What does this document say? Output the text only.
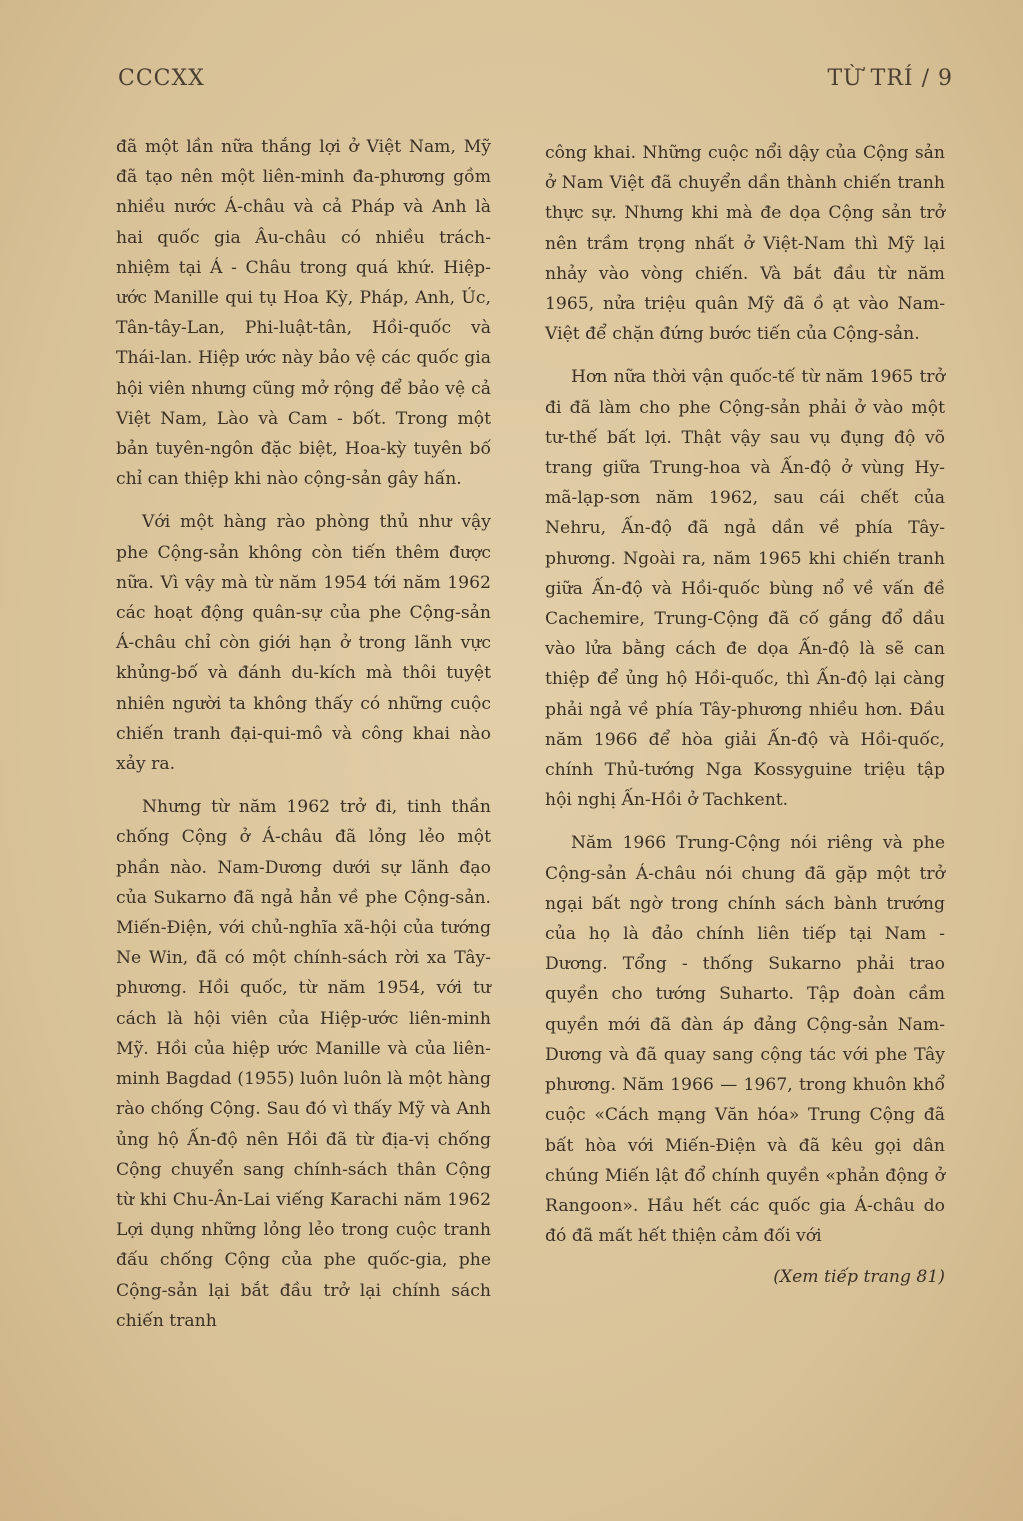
CCCXX	TỪ TRÍ / 9

đã một lần nữa thắng lợi ở Việt Nam, Mỹ đã tạo nên một liên-minh đa-phương gồm nhiều nước Á-châu và cả Pháp và Anh là hai quốc gia Âu-châu có nhiều trách-nhiệm tại Á - Châu trong quá khứ. Hiệp-ước Manille qui tụ Hoa Kỳ, Pháp, Anh, Úc, Tân-tây-Lan, Phi-luật-tân, Hồi-quốc và Thái-lan. Hiệp ước này bảo vệ các quốc gia hội viên nhưng cũng mở rộng để bảo vệ cả Việt Nam, Lào và Cam - bốt. Trong một bản tuyên-ngôn đặc biệt, Hoa-kỳ tuyên bố chỉ can thiệp khi nào cộng-sản gây hấn.

Với một hàng rào phòng thủ như vậy phe Cộng-sản không còn tiến thêm được nữa. Vì vậy mà từ năm 1954 tới năm 1962 các hoạt động quân-sự của phe Cộng-sản Á-châu chỉ còn giới hạn ở trong lãnh vực khủng-bố và đánh du-kích mà thôi tuyệt nhiên người ta không thấy có những cuộc chiến tranh đại-qui-mô và công khai nào xảy ra.

Nhưng từ năm 1962 trở đi, tinh thần chống Cộng ở Á-châu đã lỏng lẻo một phần nào. Nam-Dương dưới sự lãnh đạo của Sukarno đã ngả hẳn về phe Cộng-sản. Miến-Điện, với chủ-nghĩa xã-hội của tướng Ne Win, đã có một chính-sách rời xa Tây-phương. Hồi quốc, từ năm 1954, với tư cách là hội viên của Hiệp-ước liên-minh Mỹ. Hồi của hiệp ước Manille và của liên-minh Bagdad (1955) luôn luôn là một hàng rào chống Cộng. Sau đó vì thấy Mỹ và Anh ủng hộ Ấn-độ nên Hồi đã từ địa-vị chống Cộng chuyển sang chính-sách thân Cộng từ khi Chu-Ân-Lai viếng Karachi năm 1962 Lợi dụng những lỏng lẻo trong cuộc tranh đấu chống Cộng của phe quốc-gia, phe Cộng-sản lại bắt đầu trở lại chính sách chiến tranh

công khai. Những cuộc nổi dậy của Cộng sản ở Nam Việt đã chuyển dần thành chiến tranh thực sự. Nhưng khi mà đe dọa Cộng sản trở nên trầm trọng nhất ở Việt-Nam thì Mỹ lại nhảy vào vòng chiến. Và bắt đầu từ năm 1965, nửa triệu quân Mỹ đã ồ ạt vào Nam-Việt để chặn đứng bước tiến của Cộng-sản.

Hơn nữa thời vận quốc-tế từ năm 1965 trở đi đã làm cho phe Cộng-sản phải ở vào một tư-thế bất lợi. Thật vậy sau vụ đụng độ võ trang giữa Trung-hoa và Ấn-độ ở vùng Hy-mã-lạp-sơn năm 1962, sau cái chết của Nehru, Ấn-độ đã ngả dần về phía Tây-phương. Ngoài ra, năm 1965 khi chiến tranh giữa Ấn-độ và Hồi-quốc bùng nổ về vấn đề Cachemire, Trung-Cộng đã cố gắng đổ dầu vào lửa bằng cách đe dọa Ấn-độ là sẽ can thiệp để ủng hộ Hồi-quốc, thì Ấn-độ lại càng phải ngả về phía Tây-phương nhiều hơn. Đầu năm 1966 để hòa giải Ấn-độ và Hồi-quốc, chính Thủ-tướng Nga Kossyguine triệu tập hội nghị Ấn-Hồi ở Tachkent.

Năm 1966 Trung-Cộng nói riêng và phe Cộng-sản Á-châu nói chung đã gặp một trở ngại bất ngờ trong chính sách bành trướng của họ là đảo chính liên tiếp tại Nam - Dương. Tổng - thống Sukarno phải trao quyền cho tướng Suharto. Tập đoàn cầm quyền mới đã đàn áp đảng Cộng-sản Nam-Dương và đã quay sang cộng tác với phe Tây phương. Năm 1966 — 1967, trong khuôn khổ cuộc «Cách mạng Văn hóa» Trung Cộng đã bất hòa với Miến-Điện và đã kêu gọi dân chúng Miến lật đổ chính quyền «phản động ở Rangoon». Hầu hết các quốc gia Á-châu do đó đã mất hết thiện cảm đối với

(Xem tiếp trang 81)
